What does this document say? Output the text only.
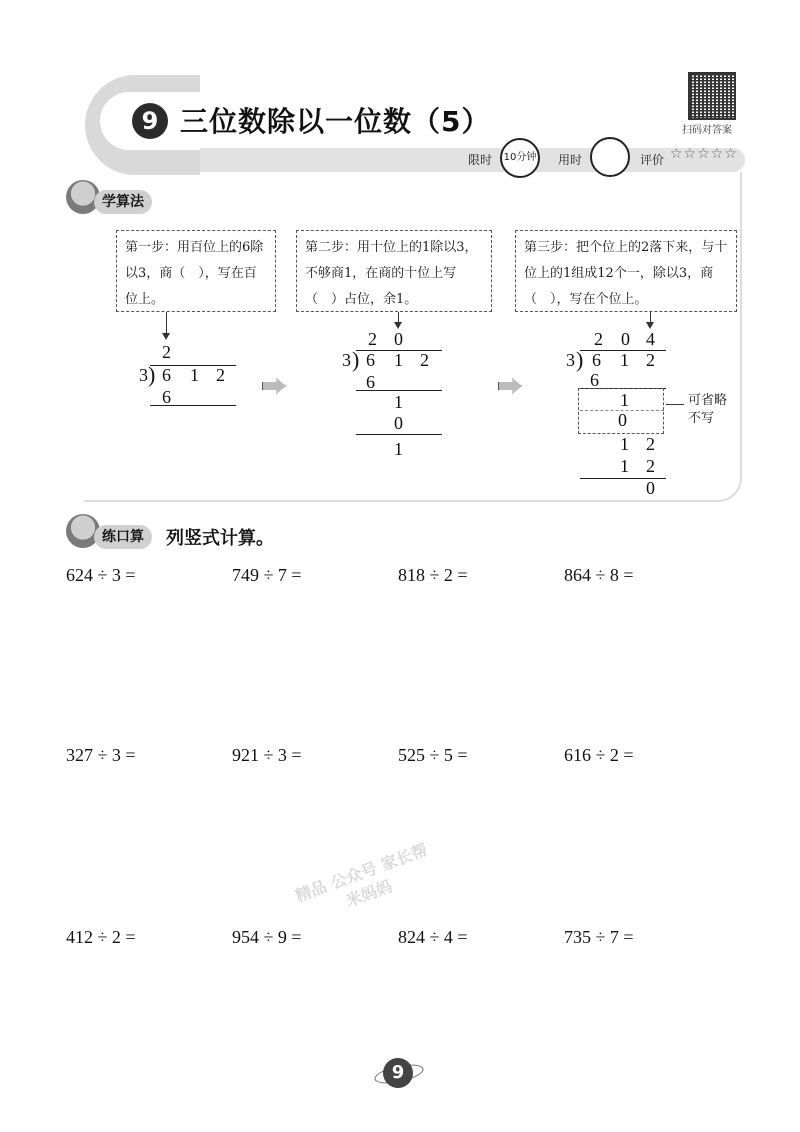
9 三位数除以一位数（5）
限时	10分钟	用时	评价 ☆☆☆☆☆
扫码对答案
学算法
第一步：用百位上的6除以3，商（　），写在百位上。
第二步：用十位上的1除以3，不够商1，在商的十位上写（　）占位，余1。
第三步：把个位上的2落下来，与十位上的1组成12个一，除以3，商（　），写在个位上。
2
3 ) 6 1 2
6
2 0
3 ) 6 1 2
6
1
0
1
2 0 4
3 ) 6 1 2
6
1
0
可省略
不写
1 2
1 2
0
练口算	列竖式计算。
624 ÷ 3 =	749 ÷ 7 =	818 ÷ 2 =	864 ÷ 8 =
327 ÷ 3 =	921 ÷ 3 =	525 ÷ 5 =	616 ÷ 2 =
412 ÷ 2 =	954 ÷ 9 =	824 ÷ 4 =	735 ÷ 7 =
精品 公众号 家长帮 米妈妈
9
